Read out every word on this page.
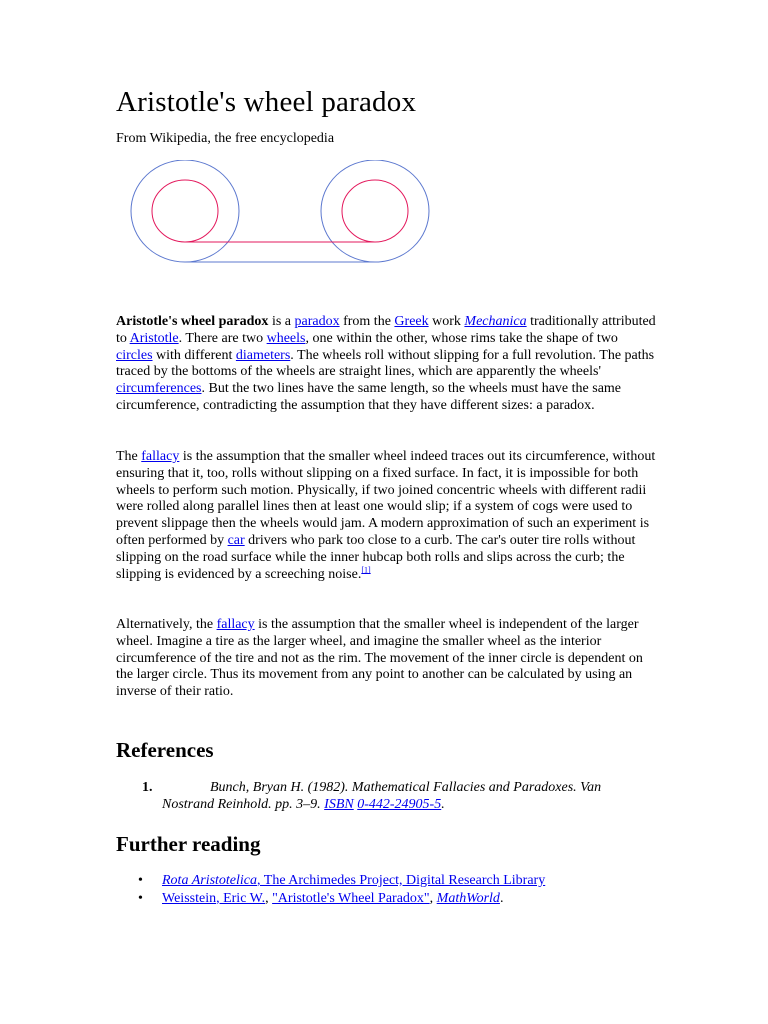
Aristotle's wheel paradox
From Wikipedia, the free encyclopedia

Aristotle's wheel paradox is a paradox from the Greek work Mechanica traditionally attributed to Aristotle. There are two wheels, one within the other, whose rims take the shape of two circles with different diameters. The wheels roll without slipping for a full revolution. The paths traced by the bottoms of the wheels are straight lines, which are apparently the wheels' circumferences. But the two lines have the same length, so the wheels must have the same circumference, contradicting the assumption that they have different sizes: a paradox.

The fallacy is the assumption that the smaller wheel indeed traces out its circumference, without ensuring that it, too, rolls without slipping on a fixed surface. In fact, it is impossible for both wheels to perform such motion. Physically, if two joined concentric wheels with different radii were rolled along parallel lines then at least one would slip; if a system of cogs were used to prevent slippage then the wheels would jam. A modern approximation of such an experiment is often performed by car drivers who park too close to a curb. The car's outer tire rolls without slipping on the road surface while the inner hubcap both rolls and slips across the curb; the slipping is evidenced by a screeching noise.[1]

Alternatively, the fallacy is the assumption that the smaller wheel is independent of the larger wheel. Imagine a tire as the larger wheel, and imagine the smaller wheel as the interior circumference of the tire and not as the rim. The movement of the inner circle is dependent on the larger circle. Thus its movement from any point to another can be calculated by using an inverse of their ratio.

References
1.	Bunch, Bryan H. (1982). Mathematical Fallacies and Paradoxes. Van Nostrand Reinhold. pp. 3–9. ISBN 0-442-24905-5.
Further reading
• Rota Aristotelica, The Archimedes Project, Digital Research Library
• Weisstein, Eric W., "Aristotle's Wheel Paradox", MathWorld.
